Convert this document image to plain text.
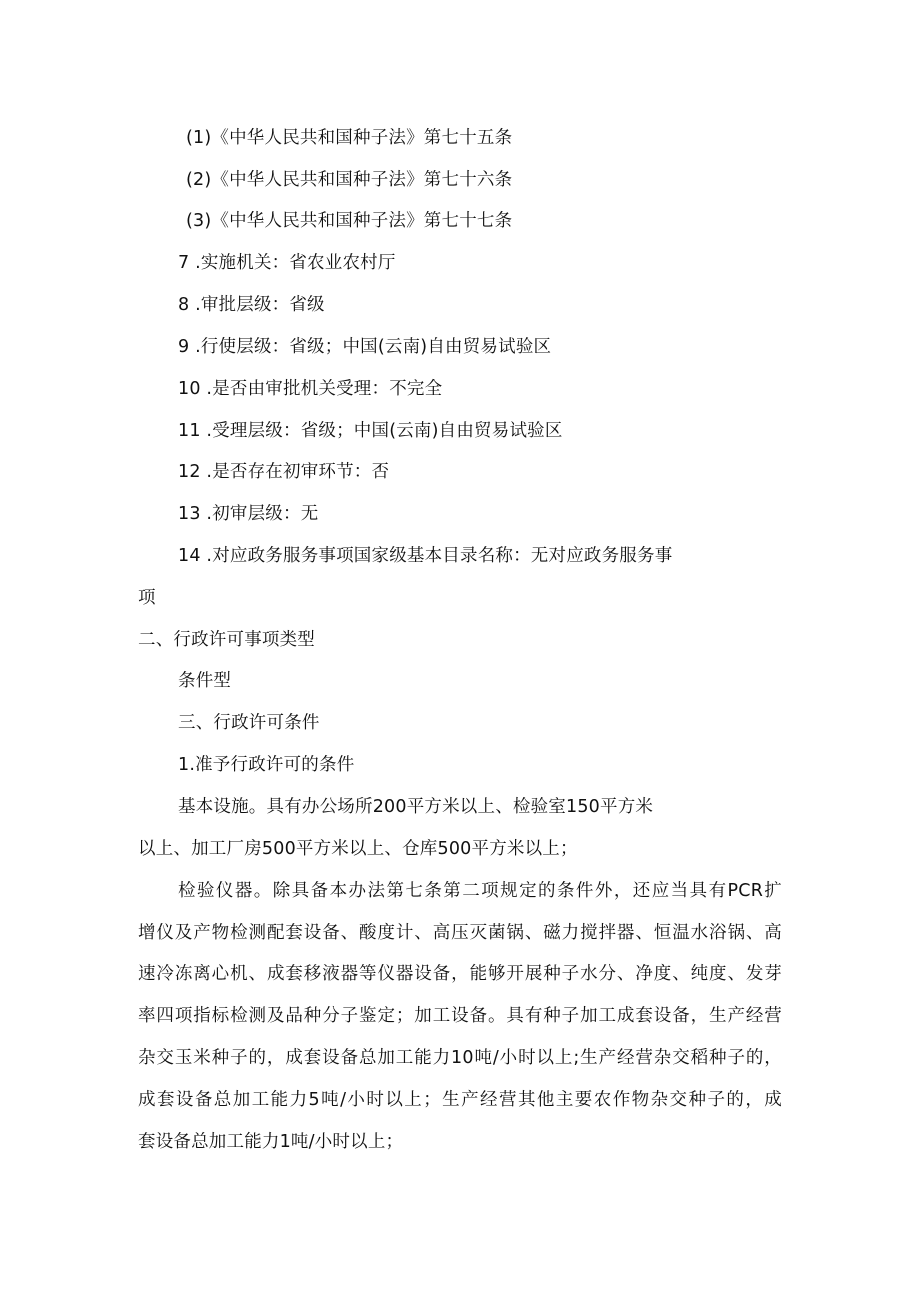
(1)《中华人民共和国种子法》第七十五条
(2)《中华人民共和国种子法》第七十六条
(3)《中华人民共和国种子法》第七十七条
7 .实施机关：省农业农村厅
8 .审批层级：省级
9 .行使层级：省级；中国(云南)自由贸易试验区
10 .是否由审批机关受理：不完全
11 .受理层级：省级；中国(云南)自由贸易试验区
12 .是否存在初审环节：否
13 .初审层级：无
14 .对应政务服务事项国家级基本目录名称：无对应政务服务事
项
二、行政许可事项类型
条件型
三、行政许可条件
1.准予行政许可的条件
基本设施。具有办公场所200平方米以上、检验室150平方米
以上、加工厂房500平方米以上、仓库500平方米以上；
检验仪器。除具备本办法第七条第二项规定的条件外，还应当具有PCR扩
增仪及产物检测配套设备、酸度计、高压灭菌锅、磁力搅拌器、恒温水浴锅、高
速冷冻离心机、成套移液器等仪器设备，能够开展种子水分、净度、纯度、发芽
率四项指标检测及品种分子鉴定；加工设备。具有种子加工成套设备，生产经营
杂交玉米种子的，成套设备总加工能力10吨/小时以上;生产经营杂交稻种子的，
成套设备总加工能力5吨/小时以上；生产经营其他主要农作物杂交种子的，成
套设备总加工能力1吨/小时以上；
